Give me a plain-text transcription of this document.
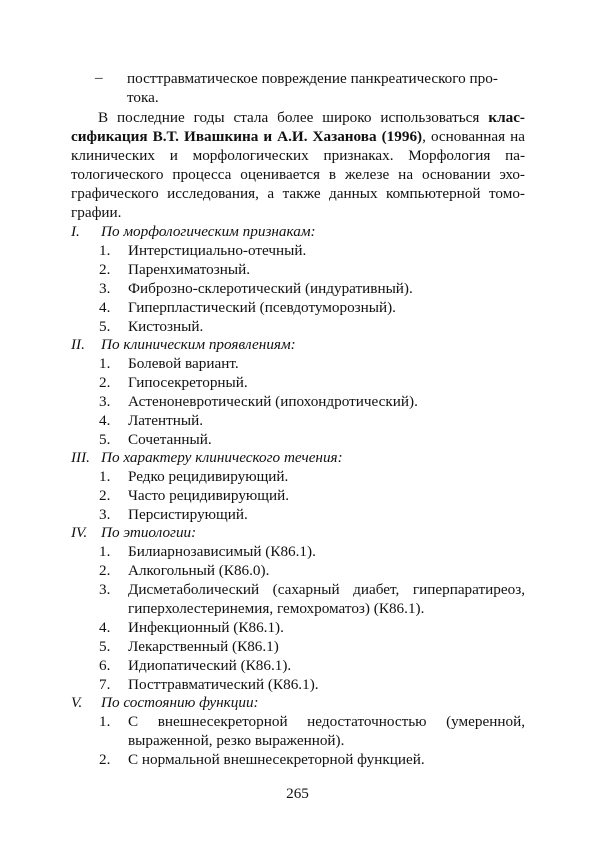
– посттравматическое повреждение панкреатического про-
тока.

В последние годы стала более широко использоваться клас-сификация В.Т. Ивашкина и А.И. Хазанова (1996), основанная на клинических и морфологических признаках. Морфология па-тологического процесса оценивается в железе на основании эхо-графического исследования, а также данных компьютерной томо-графии.

I. По морфологическим признакам:
1. Интерстициально-отечный.
2. Паренхиматозный.
3. Фиброзно-склеротический (индуративный).
4. Гиперпластический (псевдотуморозный).
5. Кистозный.
II. По клиническим проявлениям:
1. Болевой вариант.
2. Гипосекреторный.
3. Астеноневротический (ипохондротический).
4. Латентный.
5. Сочетанный.
III. По характеру клинического течения:
1. Редко рецидивирующий.
2. Часто рецидивирующий.
3. Персистирующий.
IV. По этиологии:
1. Билиарнозависимый (К86.1).
2. Алкогольный (К86.0).
3. Дисметаболический (сахарный диабет, гиперпаратиреоз,
гиперхолестеринемия, гемохроматоз) (К86.1).
4. Инфекционный (К86.1).
5. Лекарственный (К86.1)
6. Идиопатический (К86.1).
7. Посттравматический (К86.1).
V. По состоянию функции:
1. С внешнесекреторной недостаточностью (умеренной,
выраженной, резко выраженной).
2. С нормальной внешнесекреторной функцией.
265
